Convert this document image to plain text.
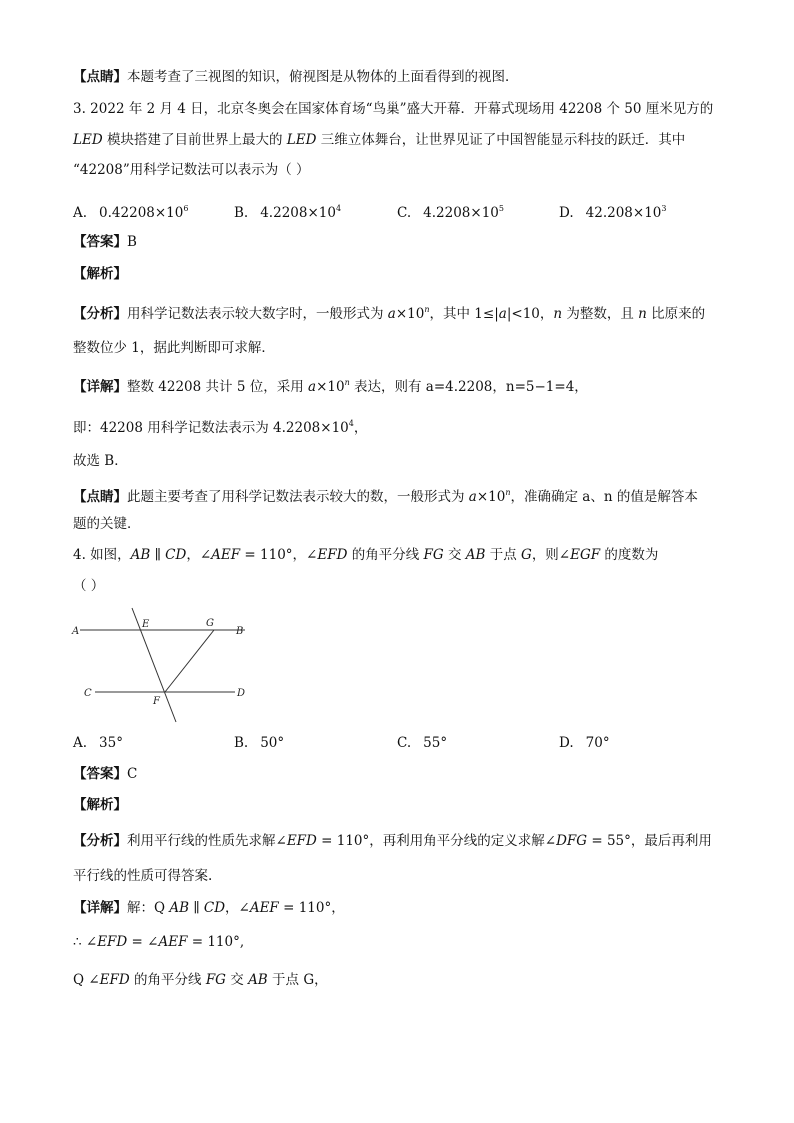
【点睛】本题考查了三视图的知识，俯视图是从物体的上面看得到的视图．
3. 2022 年 2 月 4 日，北京冬奥会在国家体育场“鸟巢”盛大开幕．开幕式现场用 42208 个 50 厘米见方的
LED 模块搭建了目前世界上最大的 LED 三维立体舞台，让世界见证了中国智能显示科技的跃迁．其中
“42208”用科学记数法可以表示为（ ）
A. $0.42208\times 10^6$	B. $4.2208\times 10^4$	C. $4.2208\times 10^5$	D. $42.208\times 10^3$
【答案】B
【解析】
【分析】用科学记数法表示较大数字时，一般形式为 $a\times 10^n$，其中 1≤|a|<10，n 为整数，且 n 比原来的
整数位少 1，据此判断即可求解．
【详解】整数 42208 共计 5 位，采用 $a\times 10^n$ 表达，则有 a=4.2208，n=5−1=4，
即：42208 用科学记数法表示为 $4.2208\times 10^4$，
故选 B．
【点睛】此题主要考查了用科学记数法表示较大的数，一般形式为 $a\times 10^n$，准确确定 a、n 的值是解答本
题的关键．
4. 如图，AB ∥ CD，∠AEF = 110°，∠EFD 的角平分线 FG 交 AB 于点 G，则∠EGF 的度数为
（ ）
A	B
C	D
E
F
G
A. 35°	B. 50°	C. 55°	D. 70°
【答案】C
【解析】
【分析】利用平行线的性质先求解∠EFD = 110°，再利用角平分线的定义求解∠DFG = 55°，最后再利用
平行线的性质可得答案.
【详解】解：Q AB ∥ CD，∠AEF = 110°，
∴ ∠EFD = ∠AEF = 110°,
Q ∠EFD 的角平分线 FG 交 AB 于点 G，
